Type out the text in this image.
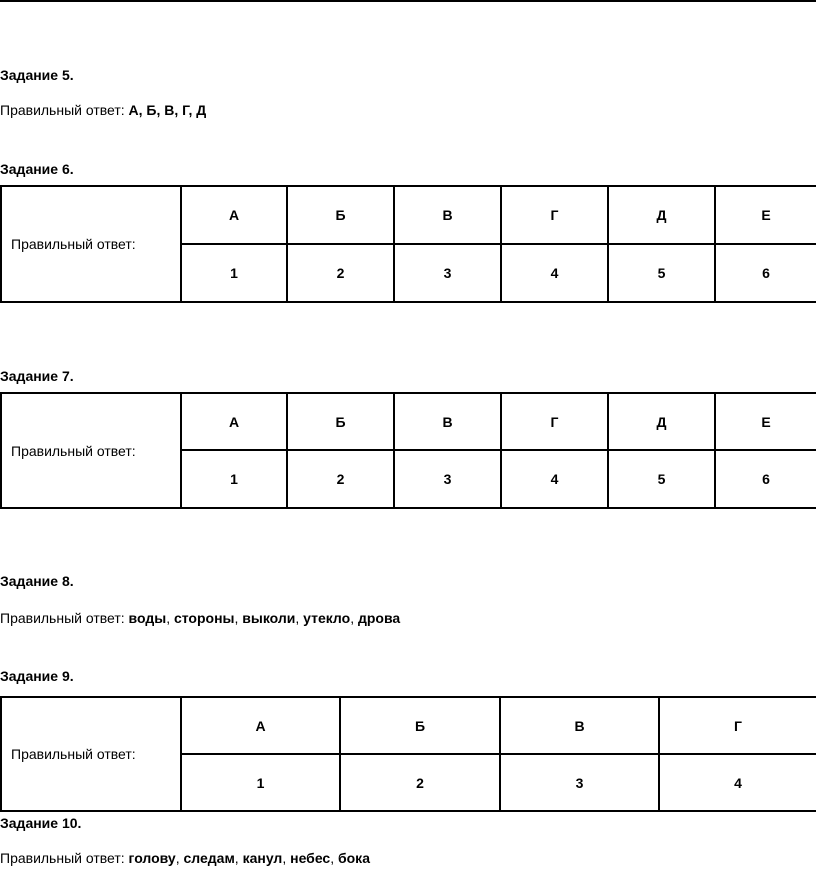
Задание 5.
Правильный ответ: А, Б, В, Г, Д
Задание 6.
Правильный ответ:	А	Б	В	Г	Д	Е
	1	2	3	4	5	6
Задание 7.
Правильный ответ:	А	Б	В	Г	Д	Е
	1	2	3	4	5	6
Задание 8.
Правильный ответ: воды, стороны, выколи, утекло, дрова
Задание 9.
Правильный ответ:	А	Б	В	Г
	1	2	3	4
Задание 10.
Правильный ответ: голову, следам, канул, небес, бока
